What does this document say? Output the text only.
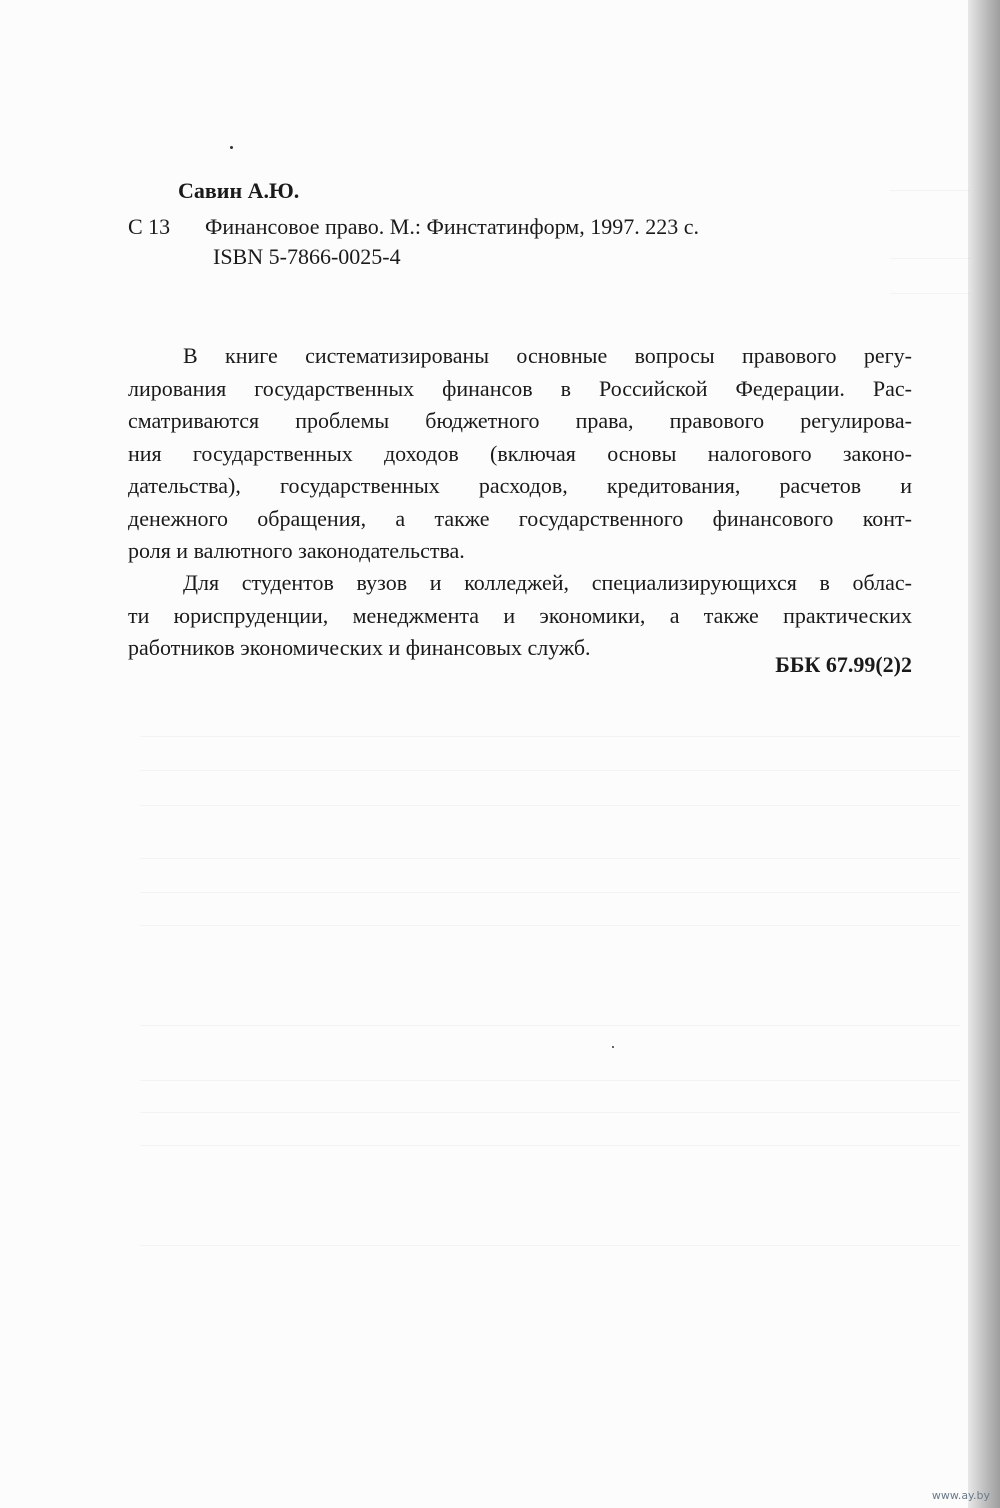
Савин А.Ю.
С 13 Финансовое право. М.: Финстатинформ, 1997. 223 с.
ISBN 5-7866-0025-4

В книге систематизированы основные вопросы правового регу-
лирования государственных финансов в Российской Федерации. Рас-
сматриваются проблемы бюджетного права, правового регулирова-
ния государственных доходов (включая основы налогового законо-
дательства), государственных расходов, кредитования, расчетов и
денежного обращения, а также государственного финансового конт-
роля и валютного законодательства.

Для студентов вузов и колледжей, специализирующихся в облас-
ти юриспруденции, менеджмента и экономики, а также практических
работников экономических и финансовых служб.

ББК 67.99(2)2
www.ay.by
